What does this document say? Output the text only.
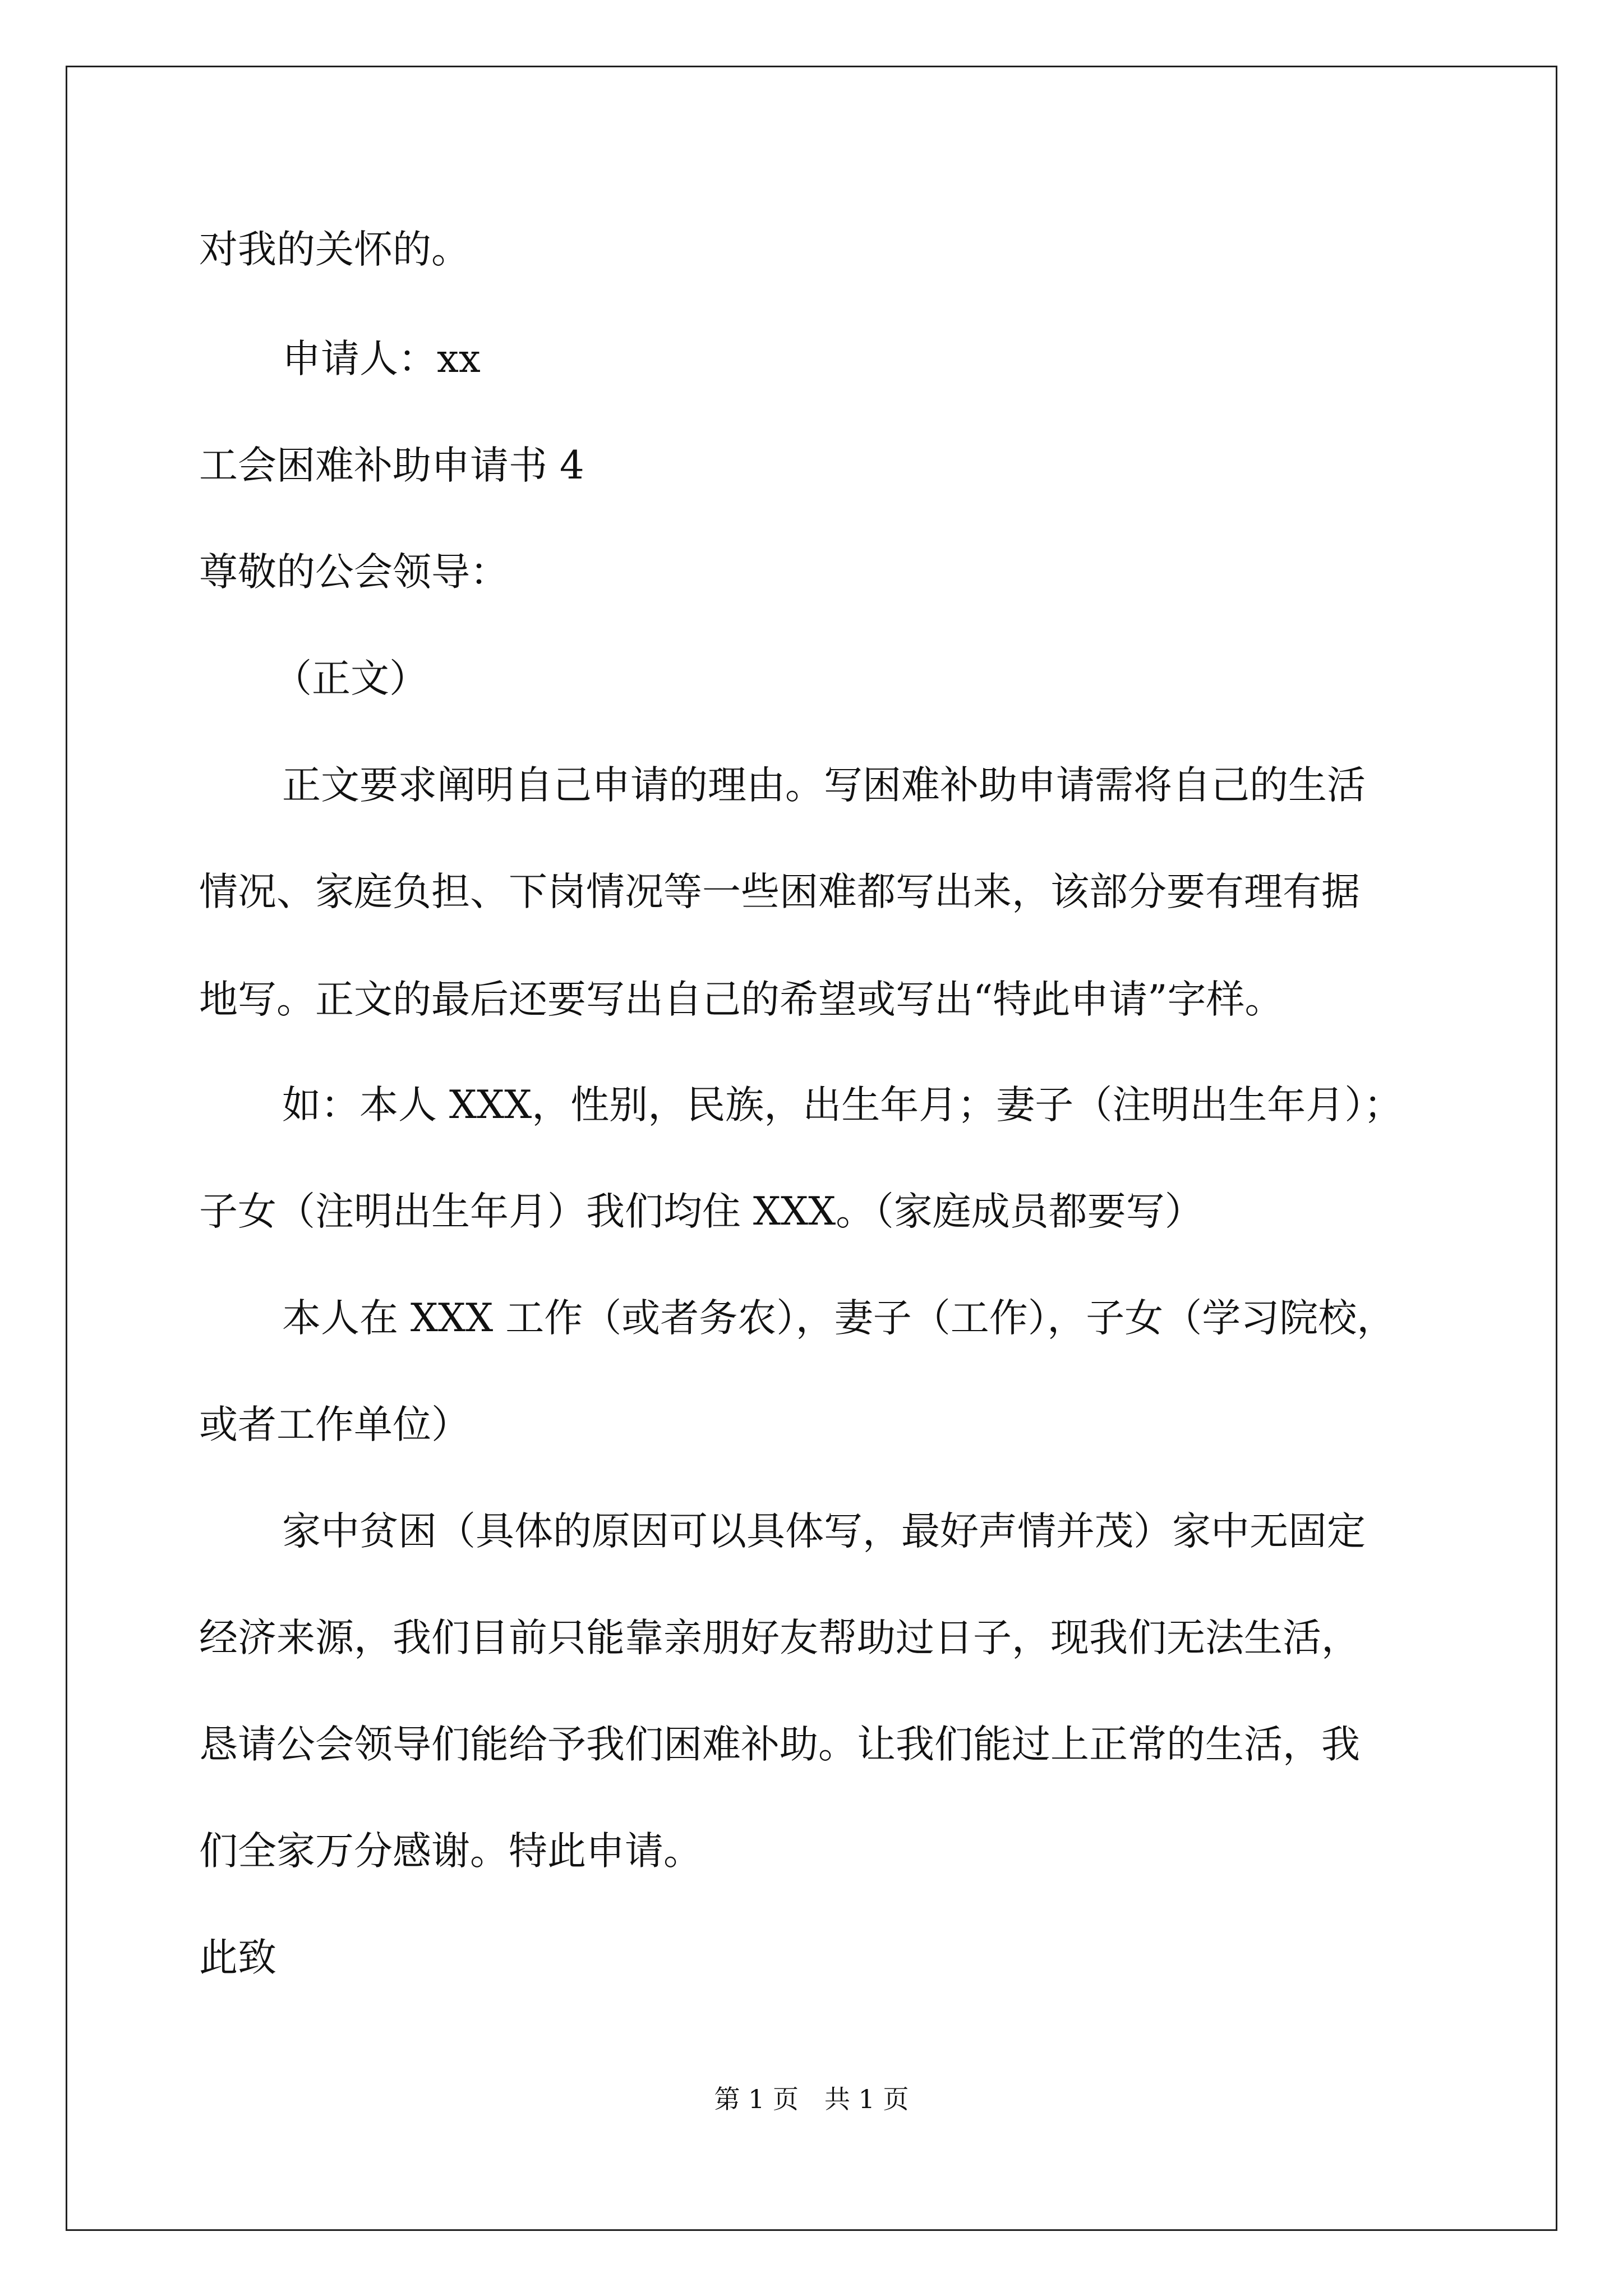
对我的关怀的。
申请人：xx
工会困难补助申请书 4
尊敬的公会领导：
（正文）
正文要求阐明自己申请的理由。写困难补助申请需将自己的生活
情况、家庭负担、下岗情况等一些困难都写出来，该部分要有理有据
地写。正文的最后还要写出自己的希望或写出“特此申请”字样。
如：本人 XXX，性别，民族，出生年月；妻子（注明出生年月）；
子女（注明出生年月）我们均住 XXX。（家庭成员都要写）
本人在 XXX 工作（或者务农），妻子（工作），子女（学习院校，
或者工作单位）
家中贫困（具体的原因可以具体写，最好声情并茂）家中无固定
经济来源，我们目前只能靠亲朋好友帮助过日子，现我们无法生活，
恳请公会领导们能给予我们困难补助。让我们能过上正常的生活，我
们全家万分感谢。特此申请。
此致
第 1 页　共 1 页
